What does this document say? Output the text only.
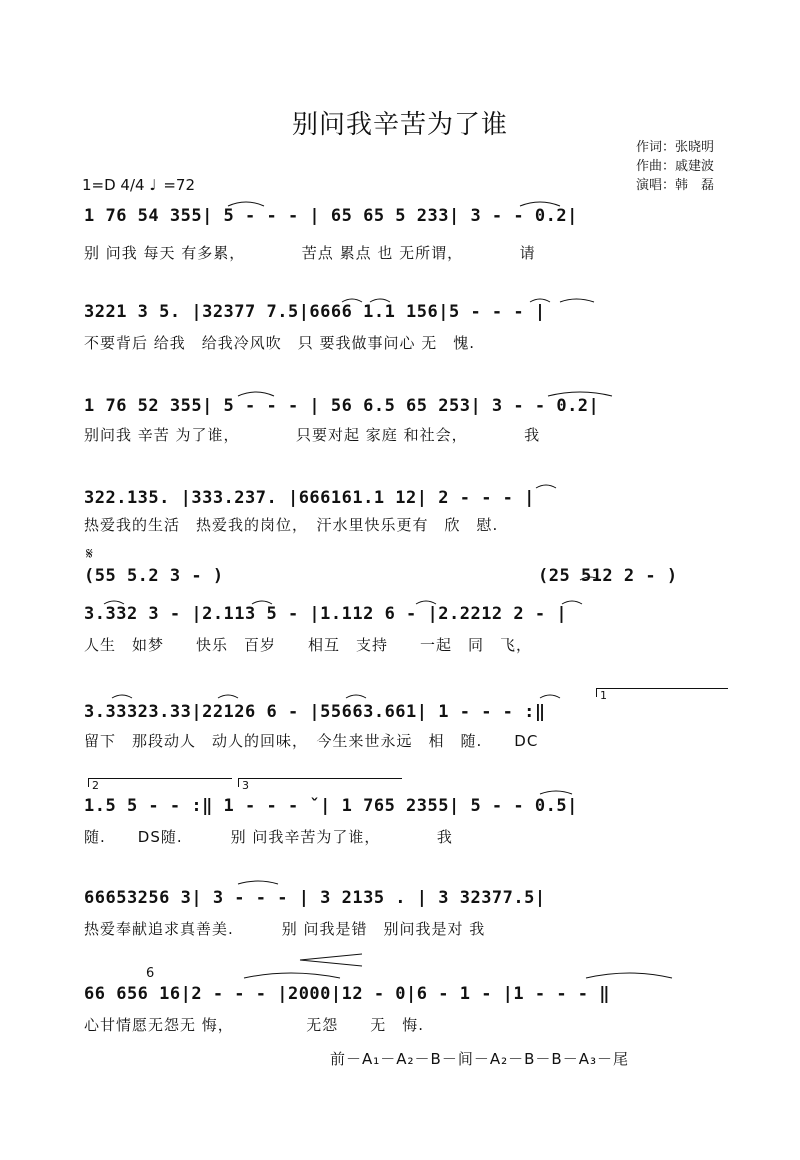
别问我辛苦为了谁
作词：张晓明
作曲：戚建波
演唱：韩　磊
1=D 4/4 ♩ =72
1 76 54 355| 5 - - - | 65 65 5 233| 3 - - 0.2|
别 问我 每天 有多累，　　　　苦点 累点 也 无所谓，　　　　请
3221 3 5. |32377 7.5|6666 1.1 156|5 - - - |
不要背后 给我　给我冷风吹　只 要我做事问心 无　愧.
1 76 52 355| 5 - - - | 56 6.5 65 253| 3 - - 0.2|
别问我 辛苦 为了谁，　　　　只要对起 家庭 和社会，　　　　我
322.135. |333.237. |666161.1 12| 2 - - - |
热爱我的生活　热爱我的岗位，　汗水里快乐更有　欣　慰.
𝄋
(55 5.2 3 - )	(25 512 2 - )
3.332 3 - |2.113 5 - |1.112 6 - |2.2212 2 - |
人生　如梦　　快乐　百岁　　相互　支持　　一起　同　飞，
1
3.33323.33|22126 6 - |55663.661| 1 - - - :‖
留下　那段动人　动人的回味，　今生来世永远　相　随.　　DC
2	3
1.5 5 - - :‖ 1 - - - ˇ| 1 765 2355| 5 - - 0.5|
随.　　DS随.　　　别 问我辛苦为了谁，　　　　我
66653256 3| 3 - - - | 3 2135 . | 3 32377.5|
热爱奉献追求真善美.　　　别 问我是错　别问我是对 我
6
66 656 16|2 - - - |2000|12 - 0|6 - 1 - |1 - - - ‖
心甘情愿无怨无 悔，　　　　　无怨　　无　悔.
前－A₁－A₂－B－间－A₂－B－B－A₃－尾
